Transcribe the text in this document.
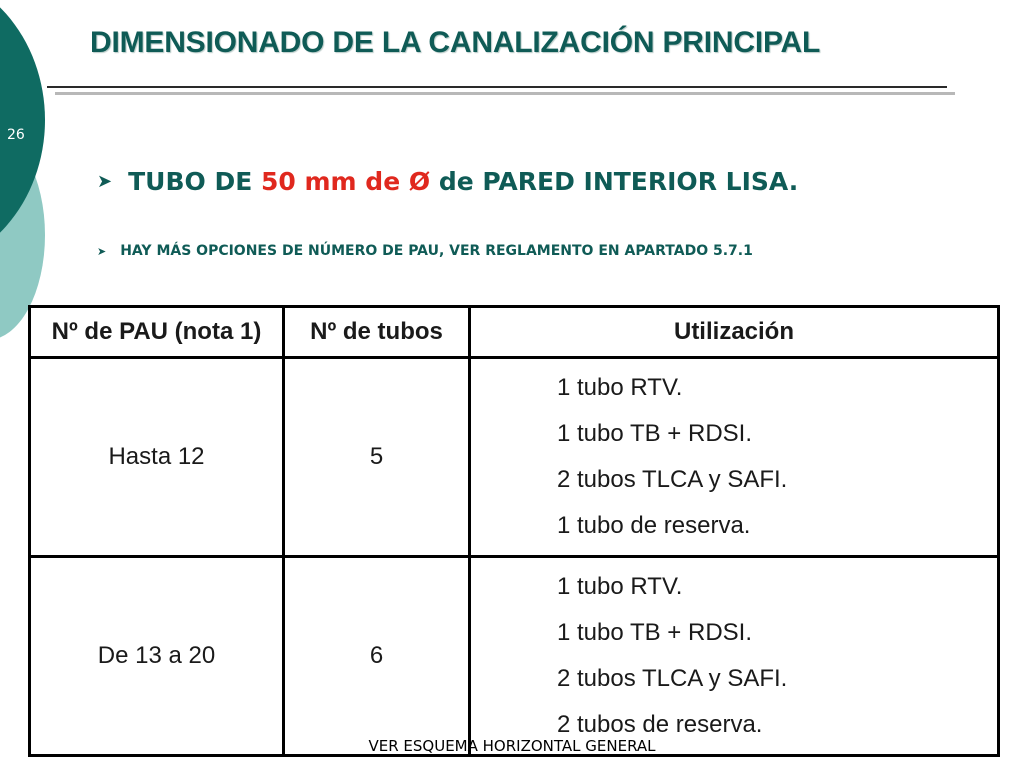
26
DIMENSIONADO DE LA CANALIZACIÓN PRINCIPAL
➤ TUBO DE 50 mm de Ø de PARED INTERIOR LISA.
➤ HAY MÁS OPCIONES DE NÚMERO DE PAU, VER REGLAMENTO EN APARTADO 5.7.1
Nº de PAU (nota 1)	Nº de tubos	Utilización
Hasta 12	5	1 tubo RTV.
1 tubo TB + RDSI.
2 tubos TLCA y SAFI.
1 tubo de reserva.

De 13 a 20	6	1 tubo RTV.
1 tubo TB + RDSI.
2 tubos TLCA y SAFI.
2 tubos de reserva.
VER ESQUEMA HORIZONTAL GENERAL
